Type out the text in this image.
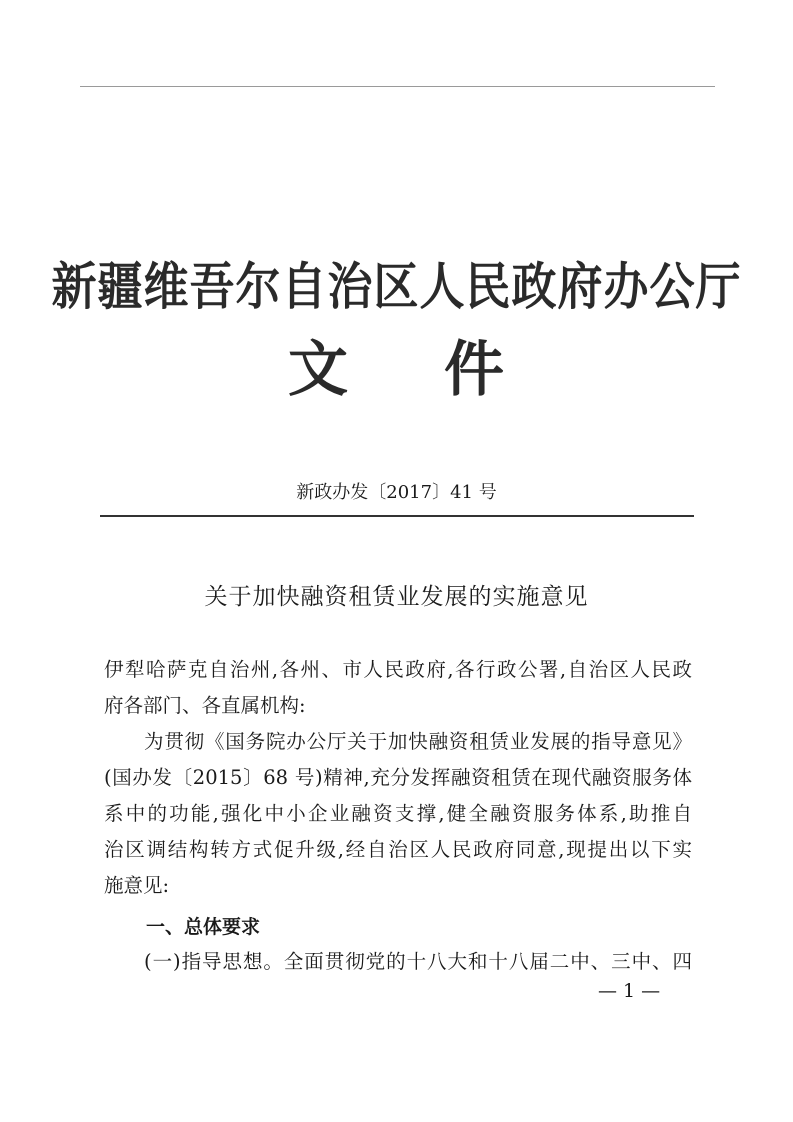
新疆维吾尔自治区人民政府办公厅
文 件
新政办发〔2017〕41 号
关于加快融资租赁业发展的实施意见
伊犁哈萨克自治州,各州、市人民政府,各行政公署,自治区人民政
府各部门、各直属机构:
为贯彻《国务院办公厅关于加快融资租赁业发展的指导意见》
(国办发〔2015〕68 号)精神,充分发挥融资租赁在现代融资服务体
系中的功能,强化中小企业融资支撑,健全融资服务体系,助推自
治区调结构转方式促升级,经自治区人民政府同意,现提出以下实
施意见:
一、总体要求
(一)指导思想。全面贯彻党的十八大和十八届二中、三中、四
— 1 —
